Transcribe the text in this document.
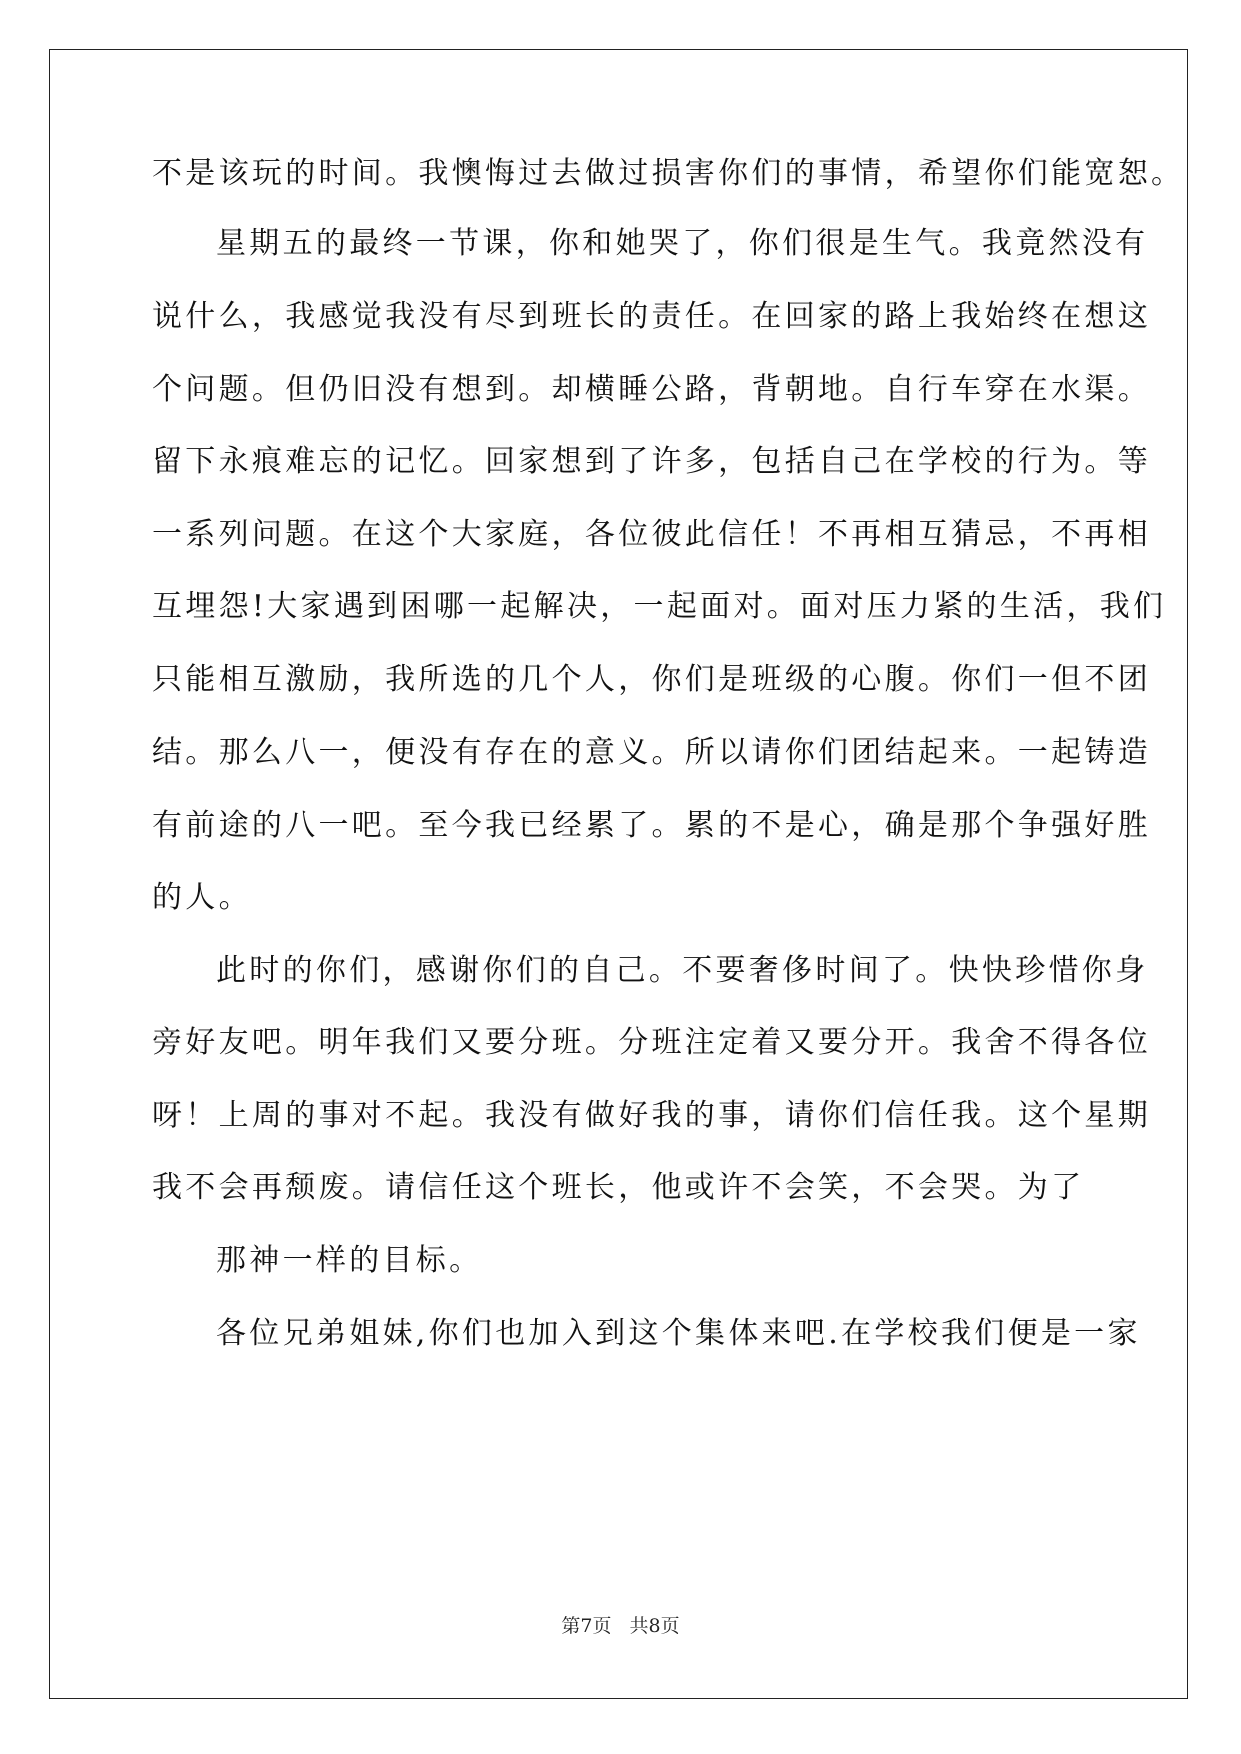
不是该玩的时间。我懊悔过去做过损害你们的事情，希望你们能宽恕。
星期五的最终一节课，你和她哭了，你们很是生气。我竟然没有
说什么，我感觉我没有尽到班长的责任。在回家的路上我始终在想这
个问题。但仍旧没有想到。却横睡公路，背朝地。自行车穿在水渠。
留下永痕难忘的记忆。回家想到了许多，包括自己在学校的行为。等
一系列问题。在这个大家庭，各位彼此信任！不再相互猜忌，不再相
互埋怨!大家遇到困哪一起解决，一起面对。面对压力紧的生活，我们
只能相互激励，我所选的几个人，你们是班级的心腹。你们一但不团
结。那么八一，便没有存在的意义。所以请你们团结起来。一起铸造
有前途的八一吧。至今我已经累了。累的不是心，确是那个争强好胜
的人。
此时的你们，感谢你们的自己。不要奢侈时间了。快快珍惜你身
旁好友吧。明年我们又要分班。分班注定着又要分开。我舍不得各位
呀！上周的事对不起。我没有做好我的事，请你们信任我。这个星期
我不会再颓废。请信任这个班长，他或许不会笑，不会哭。为了
那神一样的目标。
各位兄弟姐妹,你们也加入到这个集体来吧.在学校我们便是一家
第7页 共8页
